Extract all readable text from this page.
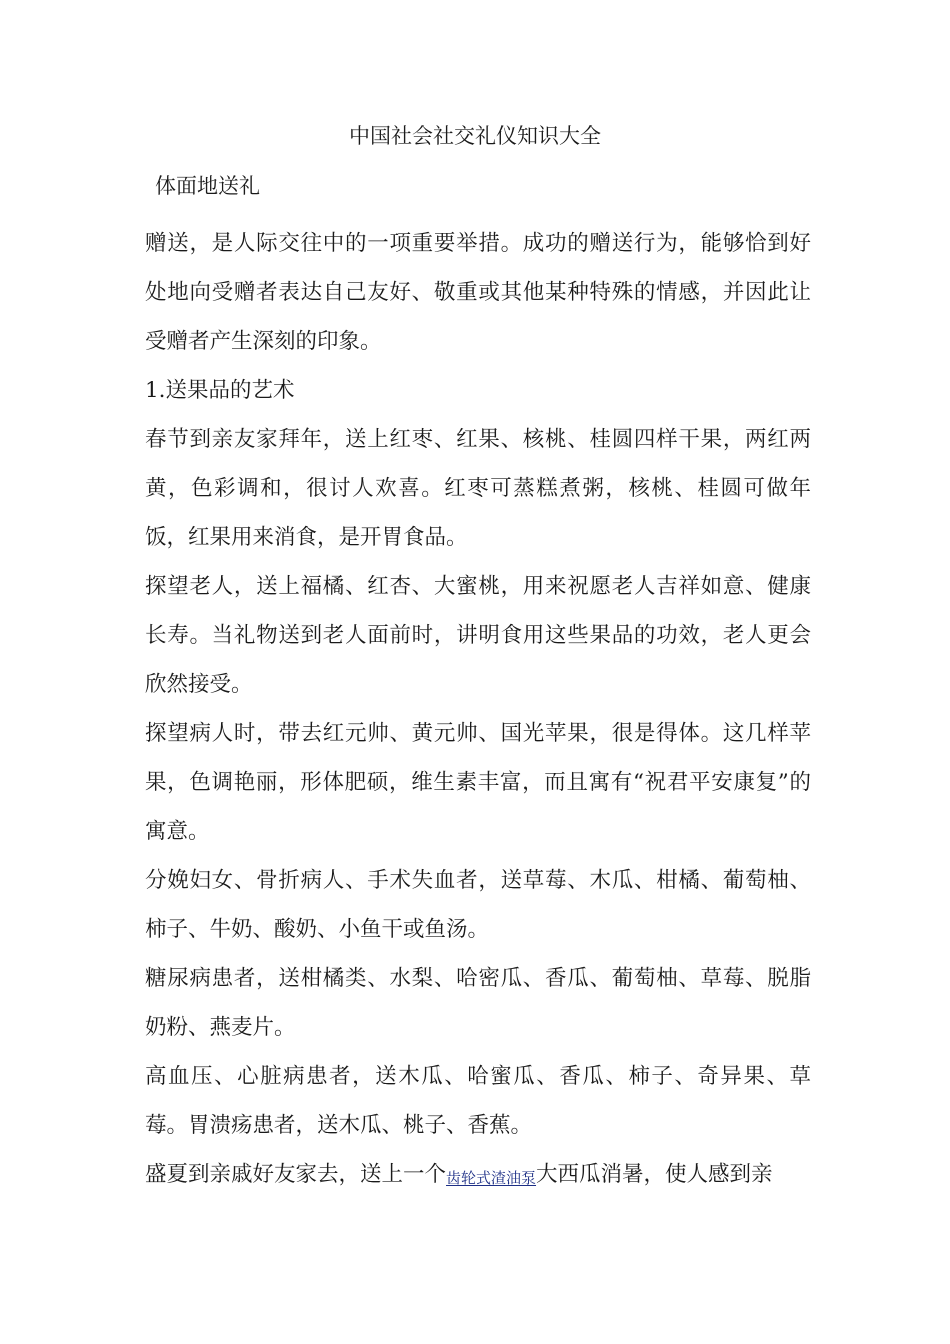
中国社会社交礼仪知识大全
体面地送礼

赠送，是人际交往中的一项重要举措。成功的赠送行为，能够恰到好处地向受赠者表达自己友好、敬重或其他某种特殊的情感，并因此让受赠者产生深刻的印象。

1.送果品的艺术

春节到亲友家拜年，送上红枣、红果、核桃、桂圆四样干果，两红两黄，色彩调和，很讨人欢喜。红枣可蒸糕煮粥，核桃、桂圆可做年饭，红果用来消食，是开胃食品。

探望老人，送上福橘、红杏、大蜜桃，用来祝愿老人吉祥如意、健康长寿。当礼物送到老人面前时，讲明食用这些果品的功效，老人更会欣然接受。

探望病人时，带去红元帅、黄元帅、国光苹果，很是得体。这几样苹果，色调艳丽，形体肥硕，维生素丰富，而且寓有“祝君平安康复”的寓意。

分娩妇女、骨折病人、手术失血者，送草莓、木瓜、柑橘、葡萄柚、柿子、牛奶、酸奶、小鱼干或鱼汤。

糖尿病患者，送柑橘类、水梨、哈密瓜、香瓜、葡萄柚、草莓、脱脂奶粉、燕麦片。

高血压、心脏病患者，送木瓜、哈蜜瓜、香瓜、柿子、奇异果、草莓。胃溃疡患者，送木瓜、桃子、香蕉。

盛夏到亲戚好友家去，送上一个齿轮式渣油泵大西瓜消暑，使人感到亲
